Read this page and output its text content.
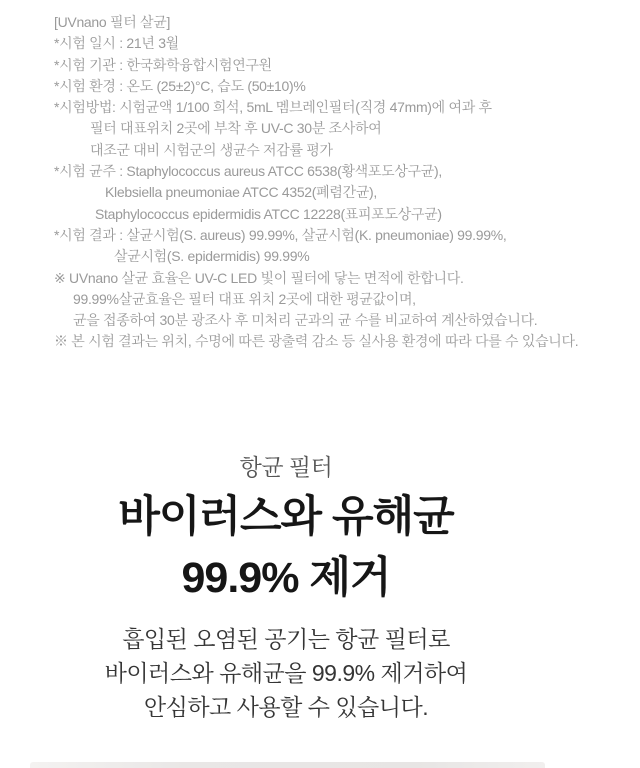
[UVnano 필터 살균]
*시험 일시 : 21년 3월
*시험 기관 : 한국화학융합시험연구원
*시험 환경 : 온도 (25±2)°C, 습도 (50±10)%
*시험방법: 시험균액 1/100 희석, 5mL 멤브레인필터(직경 47mm)에 여과 후
필터 대표위치 2곳에 부착 후 UV-C 30분 조사하여
대조군 대비 시험군의 생균수 저감률 평가
*시험 균주 : Staphylococcus aureus ATCC 6538(황색포도상구균),
Klebsiella pneumoniae ATCC 4352(폐렴간균),
Staphylococcus epidermidis ATCC 12228(표피포도상구균)
*시험 결과 : 살균시험(S. aureus) 99.99%, 살균시험(K. pneumoniae) 99.99%,
살균시험(S. epidermidis) 99.99%
※ UVnano 살균 효율은 UV-C LED 빛이 필터에 닿는 면적에 한합니다.
99.99%살균효율은 필터 대표 위치 2곳에 대한 평균값이며,
균을 접종하여 30분 광조사 후 미처리 군과의 균 수를 비교하여 계산하였습니다.
※ 본 시험 결과는 위치, 수명에 따른 광출력 감소 등 실사용 환경에 따라 다를 수 있습니다.
항균 필터
바이러스와 유해균
99.9% 제거

흡입된 오염된 공기는 항균 필터로
바이러스와 유해균을 99.9% 제거하여
안심하고 사용할 수 있습니다.
